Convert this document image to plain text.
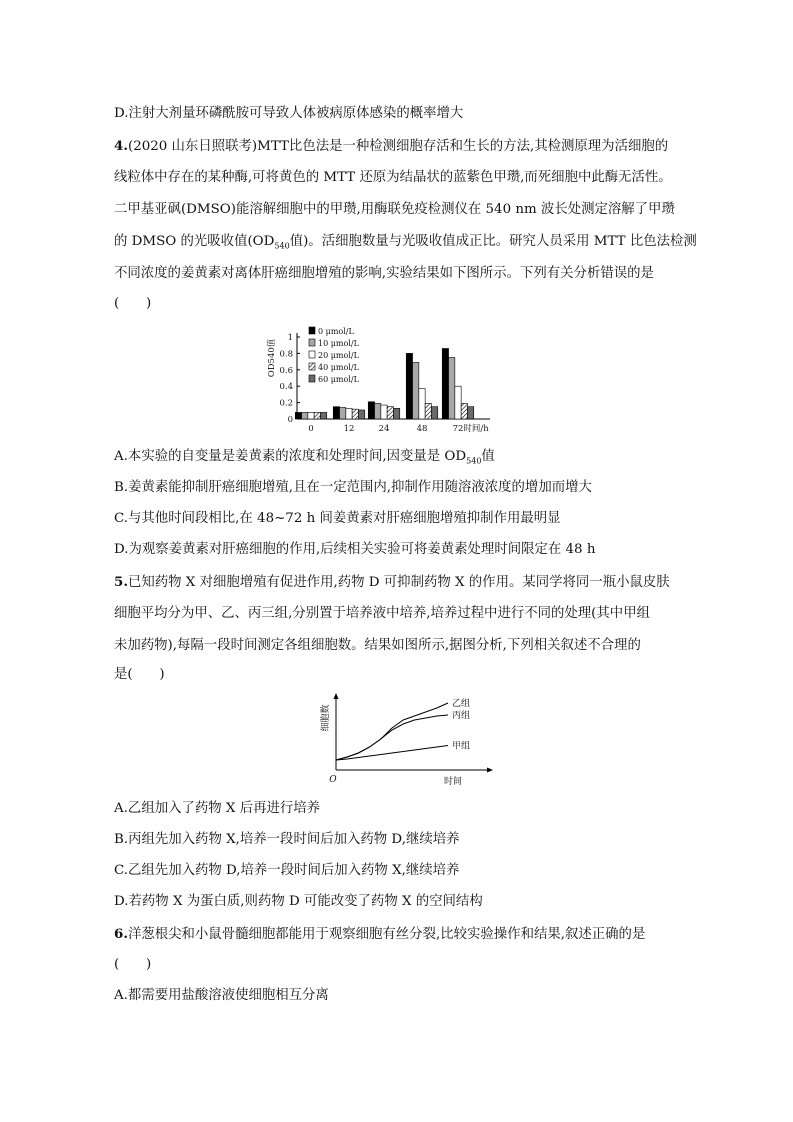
D.注射大剂量环磷酰胺可导致人体被病原体感染的概率增大
4.(2020 山东日照联考)MTT比色法是一种检测细胞存活和生长的方法,其检测原理为活细胞的
线粒体中存在的某种酶,可将黄色的 MTT 还原为结晶状的蓝紫色甲瓒,而死细胞中此酶无活性。
二甲基亚砜(DMSO)能溶解细胞中的甲瓒,用酶联免疫检测仪在 540 nm 波长处测定溶解了甲瓒
的 DMSO 的光吸收值($OD_{540}$值)。活细胞数量与光吸收值成正比。研究人员采用 MTT 比色法检测
不同浓度的姜黄素对离体肝癌细胞增殖的影响,实验结果如下图所示。下列有关分析错误的是
(　　)
0
0.2
0.4
0.6
0.8
1
OD540值
0	12	24	48	72 时间/h
0 μmol/L
10 μmol/L
20 μmol/L
40 μmol/L
60 μmol/L
A.本实验的自变量是姜黄素的浓度和处理时间,因变量是 $OD_{540}$值
B.姜黄素能抑制肝癌细胞增殖,且在一定范围内,抑制作用随溶液浓度的增加而增大
C.与其他时间段相比,在 48~72 h 间姜黄素对肝癌细胞增殖抑制作用最明显
D.为观察姜黄素对肝癌细胞的作用,后续相关实验可将姜黄素处理时间限定在 48 h
5.已知药物 X 对细胞增殖有促进作用,药物 D 可抑制药物 X 的作用。某同学将同一瓶小鼠皮肤
细胞平均分为甲、乙、丙三组,分别置于培养液中培养,培养过程中进行不同的处理(其中甲组
未加药物),每隔一段时间测定各组细胞数。结果如图所示,据图分析,下列相关叙述不合理的
是(　　)
O	时间
细胞数
乙组
丙组
甲组
A.乙组加入了药物 X 后再进行培养
B.丙组先加入药物 X,培养一段时间后加入药物 D,继续培养
C.乙组先加入药物 D,培养一段时间后加入药物 X,继续培养
D.若药物 X 为蛋白质,则药物 D 可能改变了药物 X 的空间结构
6.洋葱根尖和小鼠骨髓细胞都能用于观察细胞有丝分裂,比较实验操作和结果,叙述正确的是
(　　)
A.都需要用盐酸溶液使细胞相互分离
